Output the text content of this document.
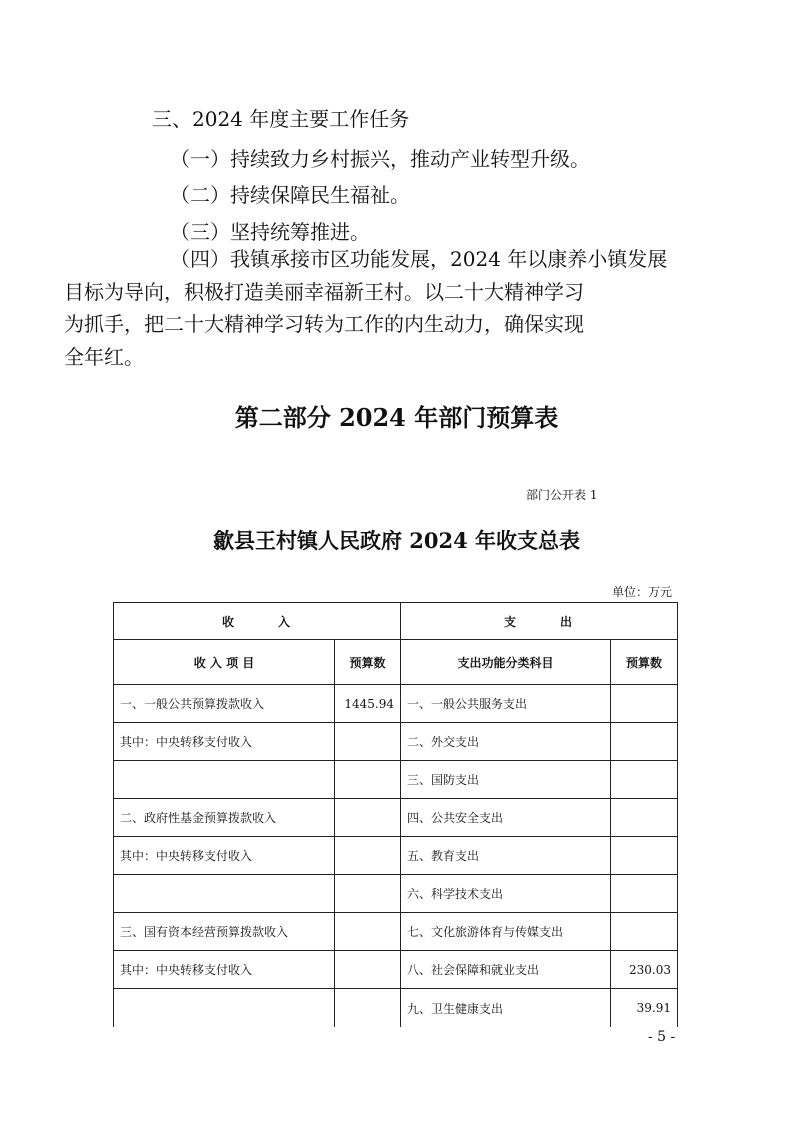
三、2024 年度主要工作任务
（一）持续致力乡村振兴，推动产业转型升级。
（二）持续保障民生福祉。
（三）坚持统筹推进。
（四）我镇承接市区功能发展，2024 年以康养小镇发展
目标为导向，积极打造美丽幸福新王村。以二十大精神学习
为抓手，把二十大精神学习转为工作的内生动力，确保实现
全年红。
第二部分 2024 年部门预算表
部门公开表 1
歙县王村镇人民政府 2024 年收支总表
单位：万元
收　　　入		支　　　出	
收 入 项 目	预算数	支出功能分类科目	预算数
一、一般公共预算拨款收入	1445.94	一、一般公共服务支出	
其中：中央转移支付收入		二、外交支出	
		三、国防支出	
二、政府性基金预算拨款收入		四、公共安全支出	
其中：中央转移支付收入		五、教育支出	
		六、科学技术支出	
三、国有资本经营预算拨款收入		七、文化旅游体育与传媒支出	
其中：中央转移支付收入		八、社会保障和就业支出	230.03
		九、卫生健康支出	39.91
- 5 -
